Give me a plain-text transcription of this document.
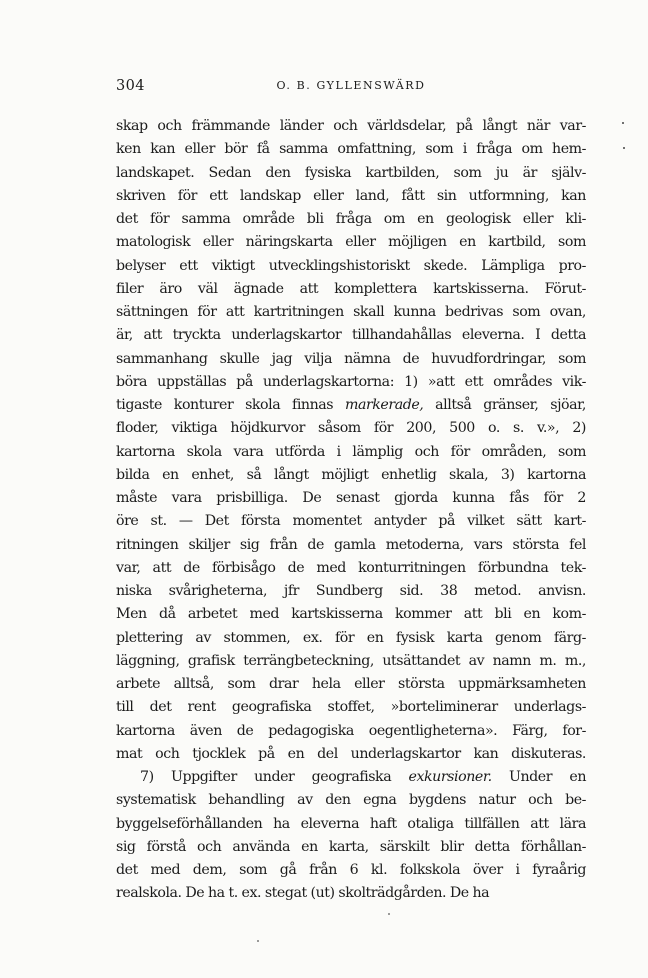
304	O. B. GYLLENSWÄRD
skap och främmande länder och världsdelar, på långt när var-
ken kan eller bör få samma omfattning, som i fråga om hem-
landskapet. Sedan den fysiska kartbilden, som ju är själv-
skriven för ett landskap eller land, fått sin utformning, kan
det för samma område bli fråga om en geologisk eller kli-
matologisk eller näringskarta eller möjligen en kartbild, som
belyser ett viktigt utvecklingshistoriskt skede. Lämpliga pro-
filer äro väl ägnade att komplettera kartskisserna. Förut-
sättningen för att kartritningen skall kunna bedrivas som ovan,
är, att tryckta underlagskartor tillhandahållas eleverna. I detta
sammanhang skulle jag vilja nämna de huvudfordringar, som
böra uppställas på underlagskartorna: 1) »att ett områdes vik-
tigaste konturer skola finnas markerade, alltså gränser, sjöar,
floder, viktiga höjdkurvor såsom för 200, 500 o. s. v.», 2)
kartorna skola vara utförda i lämplig och för områden, som
bilda en enhet, så långt möjligt enhetlig skala, 3) kartorna
måste vara prisbilliga. De senast gjorda kunna fås för 2
öre st. — Det första momentet antyder på vilket sätt kart-
ritningen skiljer sig från de gamla metoderna, vars största fel
var, att de förbisågo de med konturritningen förbundna tek-
niska svårigheterna, jfr Sundberg sid. 38 metod. anvisn.
Men då arbetet med kartskisserna kommer att bli en kom-
plettering av stommen, ex. för en fysisk karta genom färg-
läggning, grafisk terrängbeteckning, utsättandet av namn m. m.,
arbete alltså, som drar hela eller största uppmärksamheten
till det rent geografiska stoffet, »borteliminerar underlags-
kartorna även de pedagogiska oegentligheterna». Färg, for-
mat och tjocklek på en del underlagskartor kan diskuteras.
7) Uppgifter under geografiska exkursioner. Under en
systematisk behandling av den egna bygdens natur och be-
byggelseförhållanden ha eleverna haft otaliga tillfällen att lära
sig förstå och använda en karta, särskilt blir detta förhållan-
det med dem, som gå från 6 kl. folkskola över i fyraårig
realskola. De ha t. ex. stegat (ut) skolträdgården. De ha
